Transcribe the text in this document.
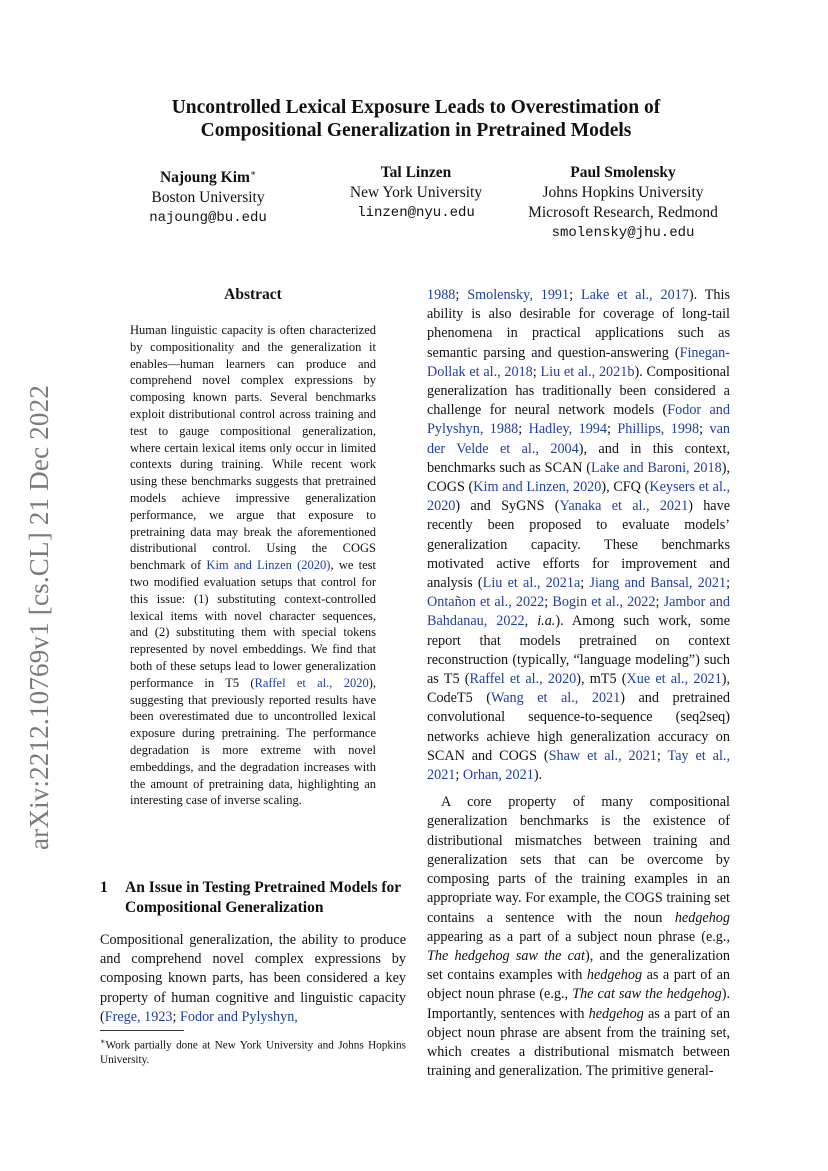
arXiv:2212.10769v1 [cs.CL] 21 Dec 2022
Uncontrolled Lexical Exposure Leads to Overestimation of
Compositional Generalization in Pretrained Models
Najoung Kim∗
Boston University
najoung@bu.edu
Tal Linzen
New York University
linzen@nyu.edu
Paul Smolensky
Johns Hopkins University
Microsoft Research, Redmond
smolensky@jhu.edu
Abstract
Human linguistic capacity is often characterized by compositionality and the generalization it enables—human learners can produce and comprehend novel complex expressions by composing known parts. Several benchmarks exploit distributional control across training and test to gauge compositional generalization, where certain lexical items only occur in limited contexts during training. While recent work using these benchmarks suggests that pretrained models achieve impressive generalization performance, we argue that exposure to pretraining data may break the aforementioned distributional control. Using the COGS benchmark of Kim and Linzen (2020), we test two modified evaluation setups that control for this issue: (1) substituting context-controlled lexical items with novel character sequences, and (2) substituting them with special tokens represented by novel embeddings. We find that both of these setups lead to lower generalization performance in T5 (Raffel et al., 2020), suggesting that previously reported results have been overestimated due to uncontrolled lexical exposure during pretraining. The performance degradation is more extreme with novel embeddings, and the degradation increases with the amount of pretraining data, highlighting an interesting case of inverse scaling.
1 An Issue in Testing Pretrained Models for Compositional Generalization
Compositional generalization, the ability to produce and comprehend novel complex expressions by composing known parts, has been considered a key property of human cognitive and linguistic capacity (Frege, 1923; Fodor and Pylyshyn,
∗Work partially done at New York University and Johns Hopkins University.

1988; Smolensky, 1991; Lake et al., 2017). This ability is also desirable for coverage of long-tail phenomena in practical applications such as semantic parsing and question-answering (Finegan-Dollak et al., 2018; Liu et al., 2021b). Compositional generalization has traditionally been considered a challenge for neural network models (Fodor and Pylyshyn, 1988; Hadley, 1994; Phillips, 1998; van der Velde et al., 2004), and in this context, benchmarks such as SCAN (Lake and Baroni, 2018), COGS (Kim and Linzen, 2020), CFQ (Keysers et al., 2020) and SyGNS (Yanaka et al., 2021) have recently been proposed to evaluate models’ generalization capacity. These benchmarks motivated active efforts for improvement and analysis (Liu et al., 2021a; Jiang and Bansal, 2021; Ontañon et al., 2022; Bogin et al., 2022; Jambor and Bahdanau, 2022, i.a.). Among such work, some report that models pretrained on context reconstruction (typically, “language modeling”) such as T5 (Raffel et al., 2020), mT5 (Xue et al., 2021), CodeT5 (Wang et al., 2021) and pretrained convolutional sequence-to-sequence (seq2seq) networks achieve high generalization accuracy on SCAN and COGS (Shaw et al., 2021; Tay et al., 2021; Orhan, 2021).

A core property of many compositional generalization benchmarks is the existence of distributional mismatches between training and generalization sets that can be overcome by composing parts of the training examples in an appropriate way. For example, the COGS training set contains a sentence with the noun hedgehog appearing as a part of a subject noun phrase (e.g., The hedgehog saw the cat), and the generalization set contains examples with hedgehog as a part of an object noun phrase (e.g., The cat saw the hedgehog). Importantly, sentences with hedgehog as a part of an object noun phrase are absent from the training set, which creates a distributional mismatch between training and generalization. The primitive general-
